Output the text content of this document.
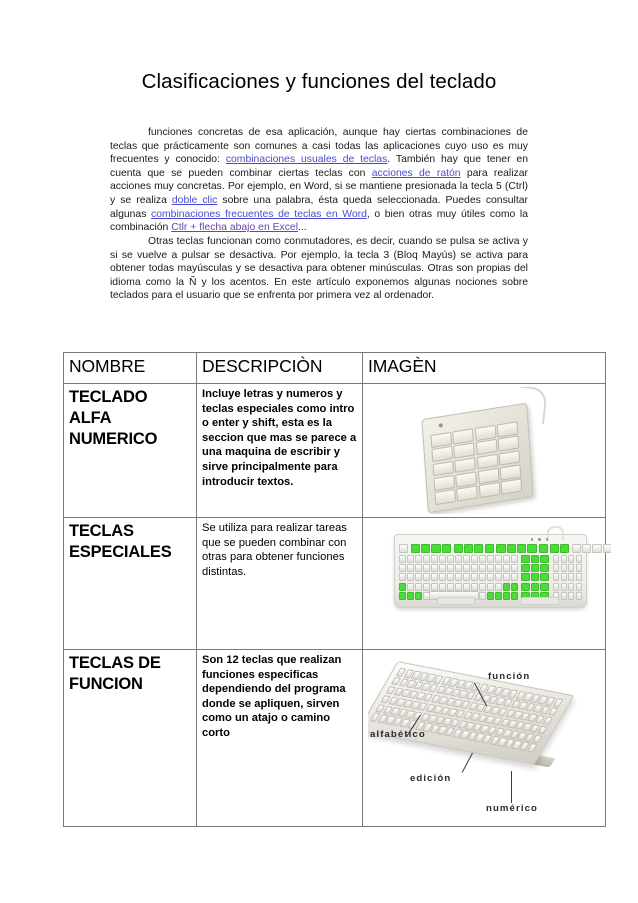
Clasificaciones y funciones del teclado
funciones concretas de esa aplicación, aunque hay ciertas combinaciones de teclas que prácticamente son comunes a casi todas las aplicaciones cuyo uso es muy frecuentes y conocido: combinaciones usuales de teclas. También hay que tener en cuenta que se pueden combinar ciertas teclas con acciones de ratón para realizar acciones muy concretas. Por ejemplo, en Word, si se mantiene presionada la tecla 5 (Ctrl) y se realiza doble clic sobre una palabra, ésta queda seleccionada. Puedes consultar algunas combinaciones frecuentes de teclas en Word, o bien otras muy útiles como la combinación Ctlr + flecha abajo en Excel...
Otras teclas funcionan como conmutadores, es decir, cuando se pulsa se activa y si se vuelve a pulsar se desactiva. Por ejemplo, la tecla 3 (Bloq Mayús) se activa para obtener todas mayúsculas y se desactiva para obtener minúsculas. Otras son propias del idioma como la Ñ y los acentos. En este artículo exponemos algunas nociones sobre teclados para el usuario que se enfrenta por primera vez al ordenador.
NOMBRE	DESCRIPCIÒN	IMAGÈN
TECLADO ALFA NUMERICO	Incluye letras y numeros y teclas especiales como intro o enter y shift, esta es la seccion que mas se parece a una maquina de escribir y sirve principalmente para introducir textos.	

TECLAS ESPECIALES	Se utiliza para realizar tareas que se pueden combinar con otras para obtener funciones distintas.	

TECLAS DE FUNCION	Son 12 teclas que realizan funciones especificas dependiendo del programa donde se apliquen, sirven como un atajo o camino corto	función
alfabético
edición
numérico
